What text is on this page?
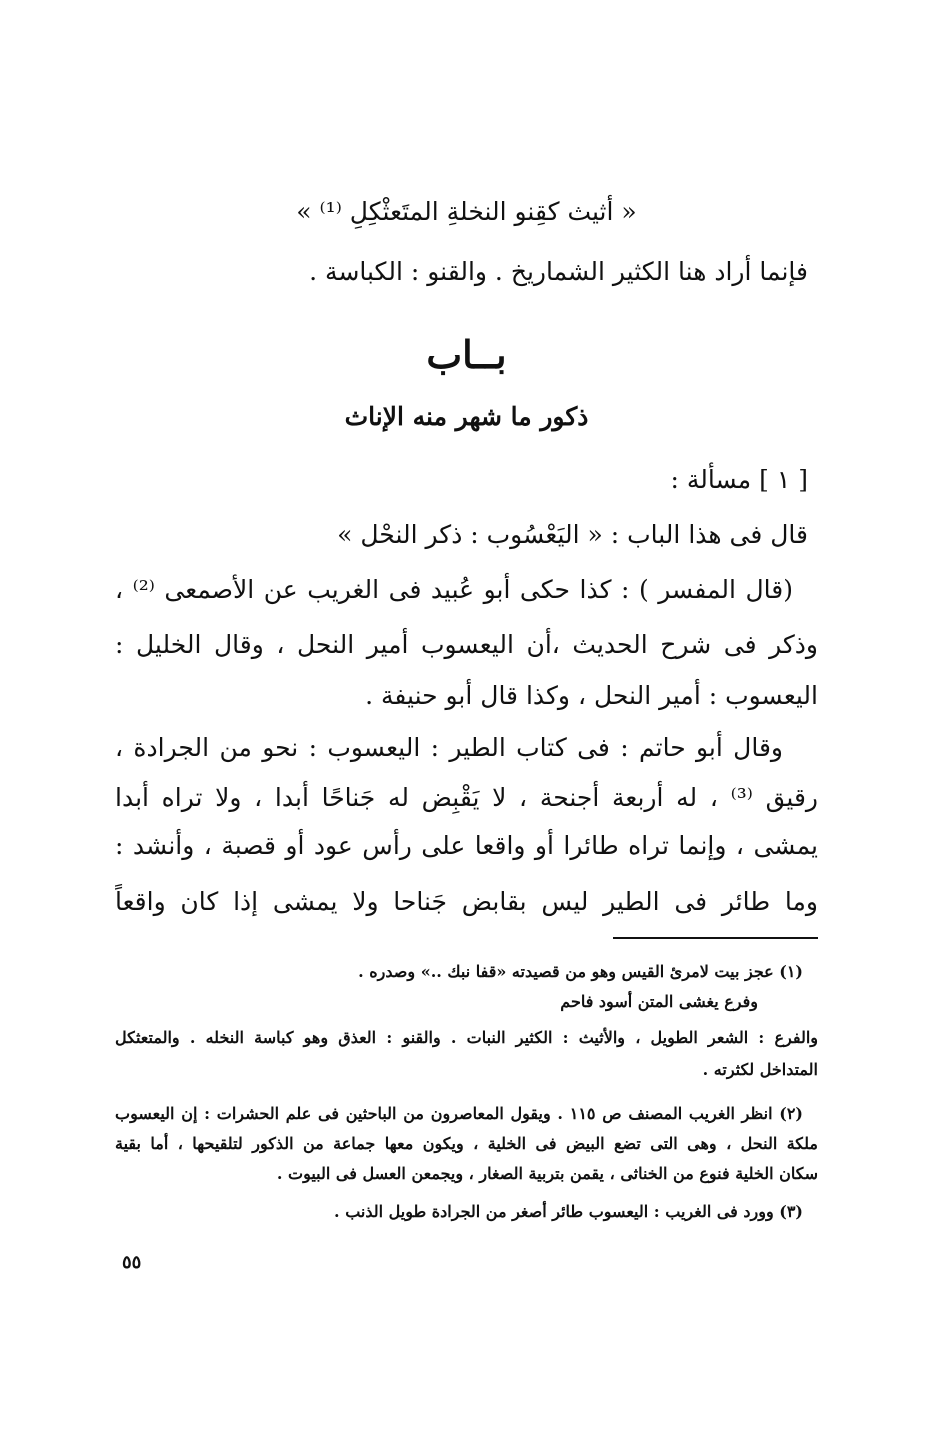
« أثيث كقِنو النخلةِ المتَعثْكِلِ ⁽¹⁾ »
فإنما أراد هنا الكثير الشماريخ . والقنو : الكباسة .
بــاب
ذكور ما شهر منه الإناث
[ ١ ] مسألة :
قال فى هذا الباب : « اليَعْسُوب : ذكر النحْل »
(قال المفسر ) : كذا حكى أبو عُبيد فى الغريب عن الأصمعى ⁽²⁾ ،
وذكر فى شرح الحديث ،أن اليعسوب أمير النحل ، وقال الخليل :
اليعسوب : أمير النحل ، وكذا قال أبو حنيفة .
وقال أبو حاتم : فى كتاب الطير : اليعسوب : نحو من الجرادة ،
رقيق ⁽³⁾ ، له أربعة أجنحة ، لا يَقْبِض له جَناحًا أبدا ، ولا تراه أبدا
يمشى ، وإنما تراه طائرا أو واقعا على رأس عود أو قصبة ، وأنشد :
وما طائر فى الطير ليس بقابض جَناحا ولا يمشى إذا كان واقعاً
(١) عجز بيت لامرئ القيس وهو من قصيدته «قفا نبك ..» وصدره .
وفرع يغشى المتن أسود فاحم
والفرع : الشعر الطويل ، والأثيث : الكثير النبات . والقنو : العذق وهو كباسة النخله . والمتعثكل
المتداخل لكثرته .
(٢) انظر الغريب المصنف ص ١١٥ . ويقول المعاصرون من الباحثين فى علم الحشرات : إن اليعسوب
ملكة النحل ، وهى التى تضع البيض فى الخلية ، ويكون معها جماعة من الذكور لتلقيحها ، أما بقية
سكان الخلية فنوع من الخناثى ، يقمن بتربية الصغار ، ويجمعن العسل فى البيوت .
(٣) وورد فى الغريب : اليعسوب طائر أصغر من الجرادة طويل الذنب .
٥٥
